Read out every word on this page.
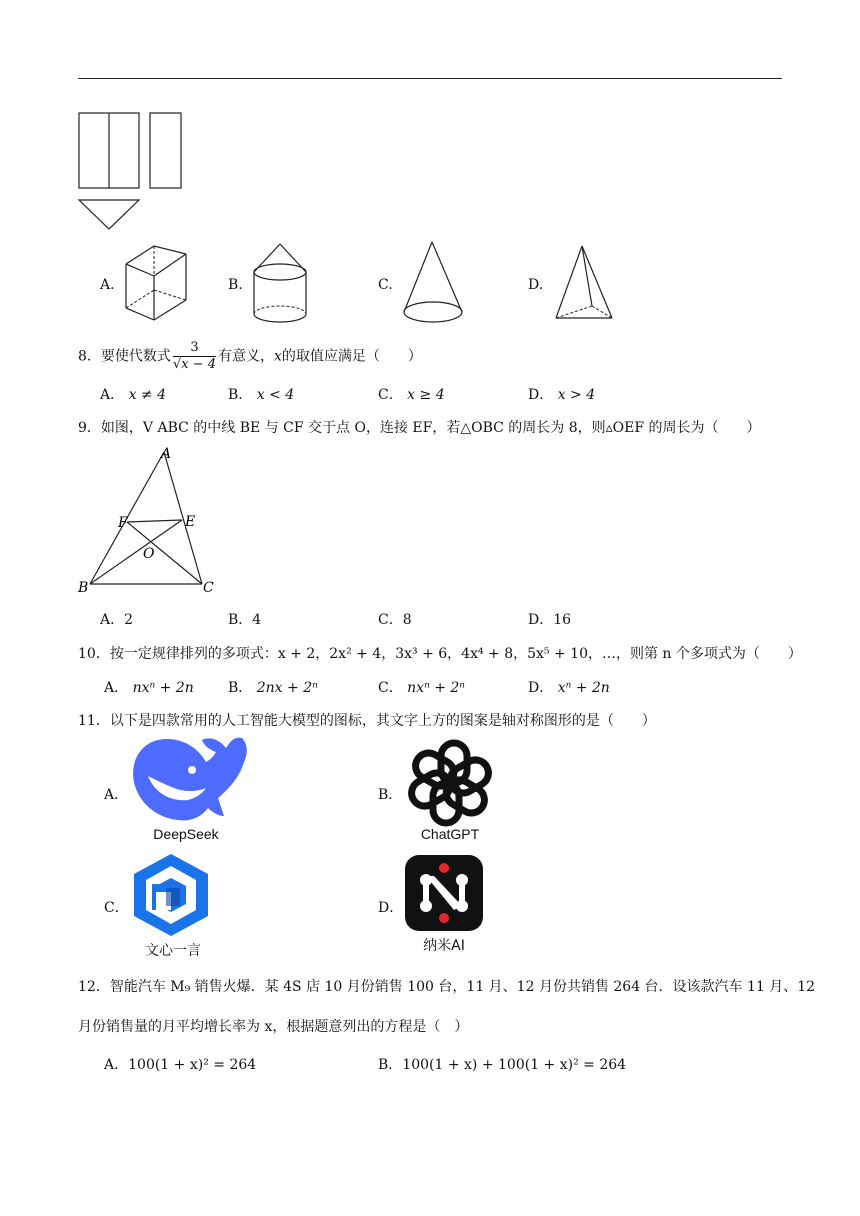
A.	B.	C.	D.
8．要使代数式 $\frac{3}{√x - 4}$ 有意义，x的取值应满足（　　）
A． x ≠ 4	B． x < 4	C． x ≥ 4	D． x > 4
9．如图，V ABC 的中线 BE 与 CF 交于点 O，连接 EF，若△OBC 的周长为 8，则▵OEF 的周长为（　　）
A
F	E
O
B	C
A．2	B．4	C．8	D．16
10．按一定规律排列的多项式：x + 2，2x² + 4，3x³ + 6，4x⁴ + 8，5x⁵ + 10，…，则第 n 个多项式为（　　）
A． nxⁿ + 2n B． 2nx + 2ⁿ	C． nxⁿ + 2ⁿ	D． xⁿ + 2n
11．以下是四款常用的人工智能大模型的图标，其文字上方的图案是轴对称图形的是（　　）
A．
DeepSeek
B．
ChatGPT
C．
文心一言
D．
纳米AI
12．智能汽车 M₉ 销售火爆．某 4S 店 10 月份销售 100 台，11 月、12 月份共销售 264 台．设该款汽车 11 月、12
月份销售量的月平均增长率为 x，根据题意列出的方程是（　）
A．100(1 + x)² = 264	B．100(1 + x) + 100(1 + x)² = 264
